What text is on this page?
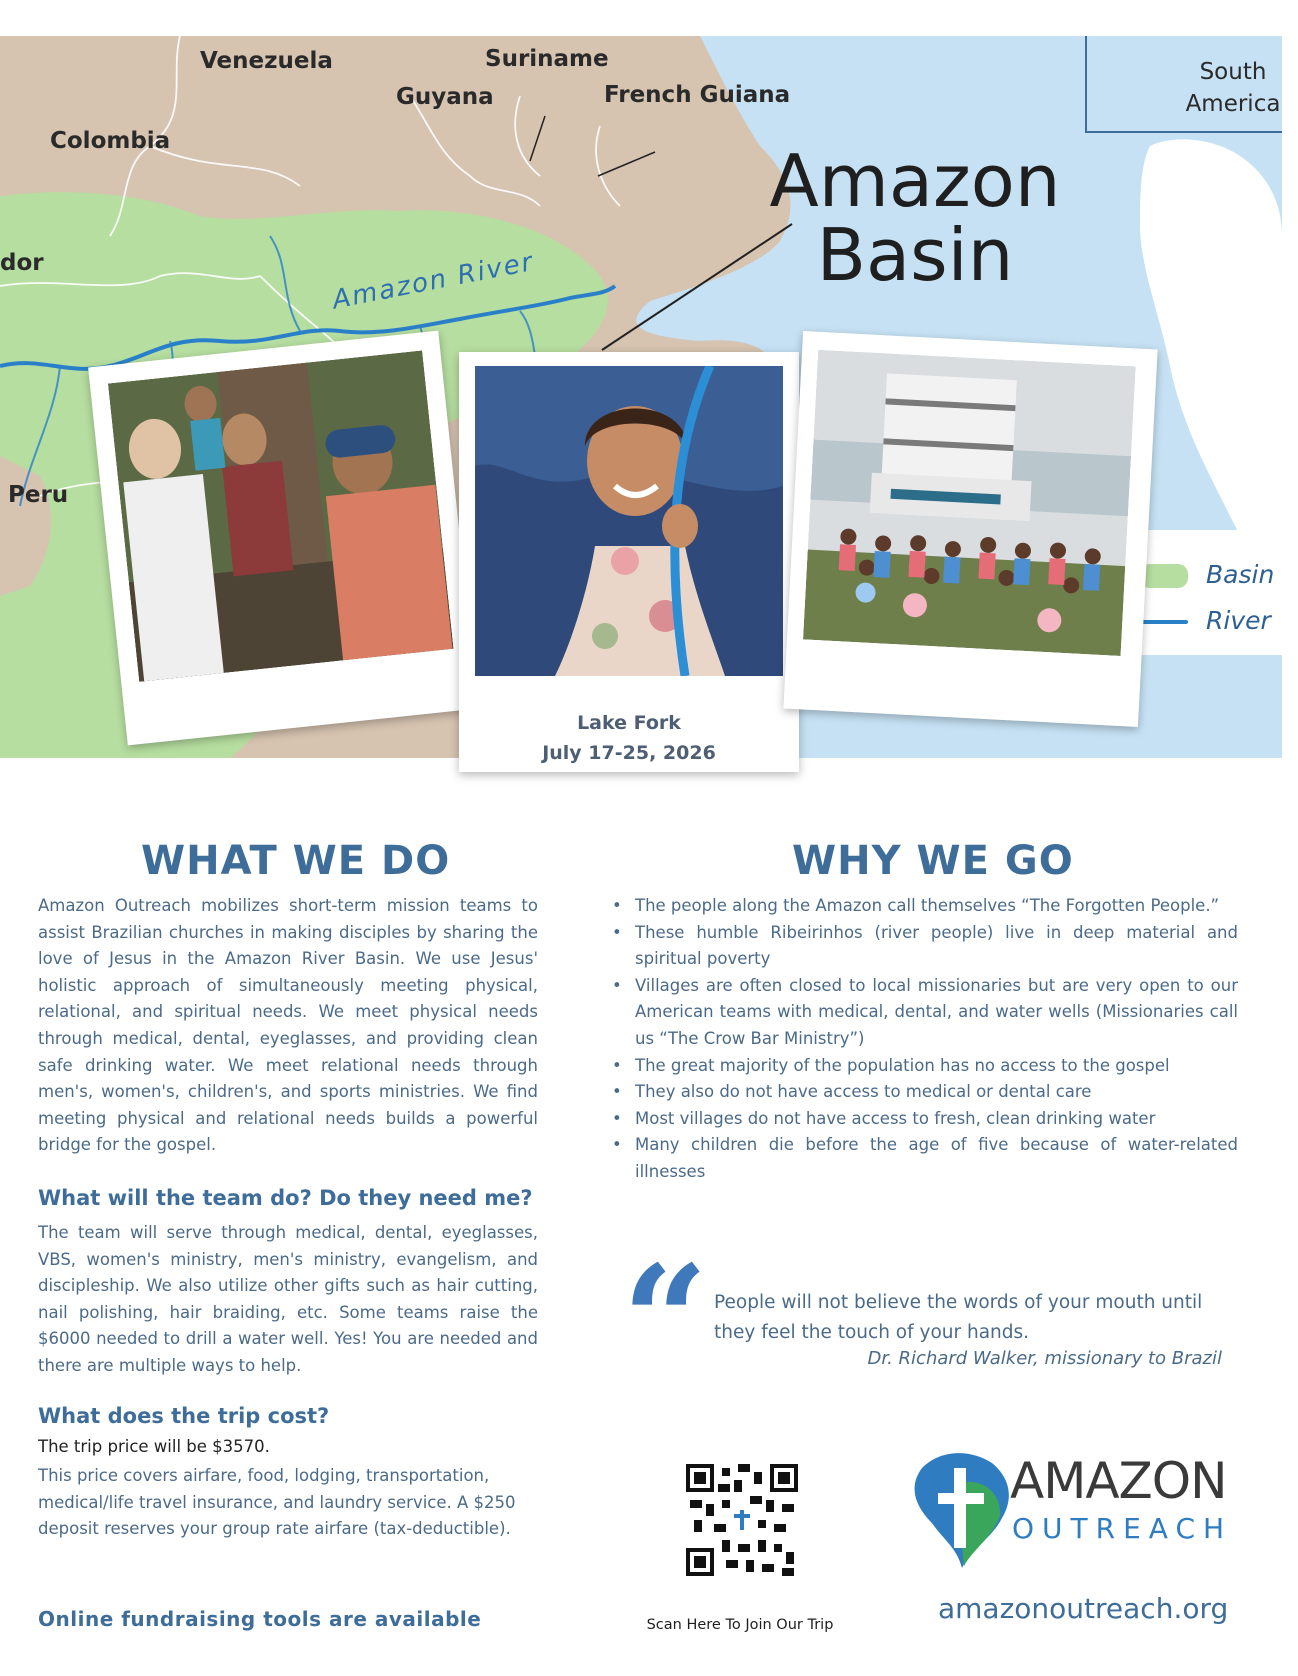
Venezuela	Suriname
Guyana	French Guiana
Colombia
dor
Peru
South
America
Amazon
Basin
Amazon River
Basin
River
Lake Fork
July 17-25, 2026
WHAT WE DO

Amazon Outreach mobilizes short-term mission teams to assist Brazilian churches in making disciples by sharing the love of Jesus in the Amazon River Basin. We use Jesus' holistic approach of simultaneously meeting physical, relational, and spiritual needs. We meet physical needs through medical, dental, eyeglasses, and providing clean safe drinking water. We meet relational needs through men's, women's, children's, and sports ministries. We find meeting physical and relational needs builds a powerful bridge for the gospel.

What will the team do? Do they need me?

The team will serve through medical, dental, eyeglasses, VBS, women's ministry, men's ministry, evangelism, and discipleship. We also utilize other gifts such as hair cutting, nail polishing, hair braiding, etc. Some teams raise the $6000 needed to drill a water well. Yes! You are needed and there are multiple ways to help.

What does the trip cost?
The trip price will be $3570.

This price covers airfare, food, lodging, transportation, medical/life travel insurance, and laundry service. A $250 deposit reserves your group rate airfare (tax-deductible).

Online fundraising tools are available
WHY WE GO
• The people along the Amazon call themselves “The Forgotten People.”
• These humble Ribeirinhos (river people) live in deep material and spiritual poverty
• Villages are often closed to local missionaries but are very open to our American teams with medical, dental, and water wells (Missionaries call us “The Crow Bar Ministry”)
• The great majority of the population has no access to the gospel
• They also do not have access to medical or dental care
• Most villages do not have access to fresh, clean drinking water
• Many children die before the age of five because of water-related illnesses
“ People will not believe the words of your mouth until they feel the touch of your hands.
Dr. Richard Walker, missionary to Brazil
Scan Here To Join Our Trip
AMAZON
OUTREACH
amazonoutreach.org
